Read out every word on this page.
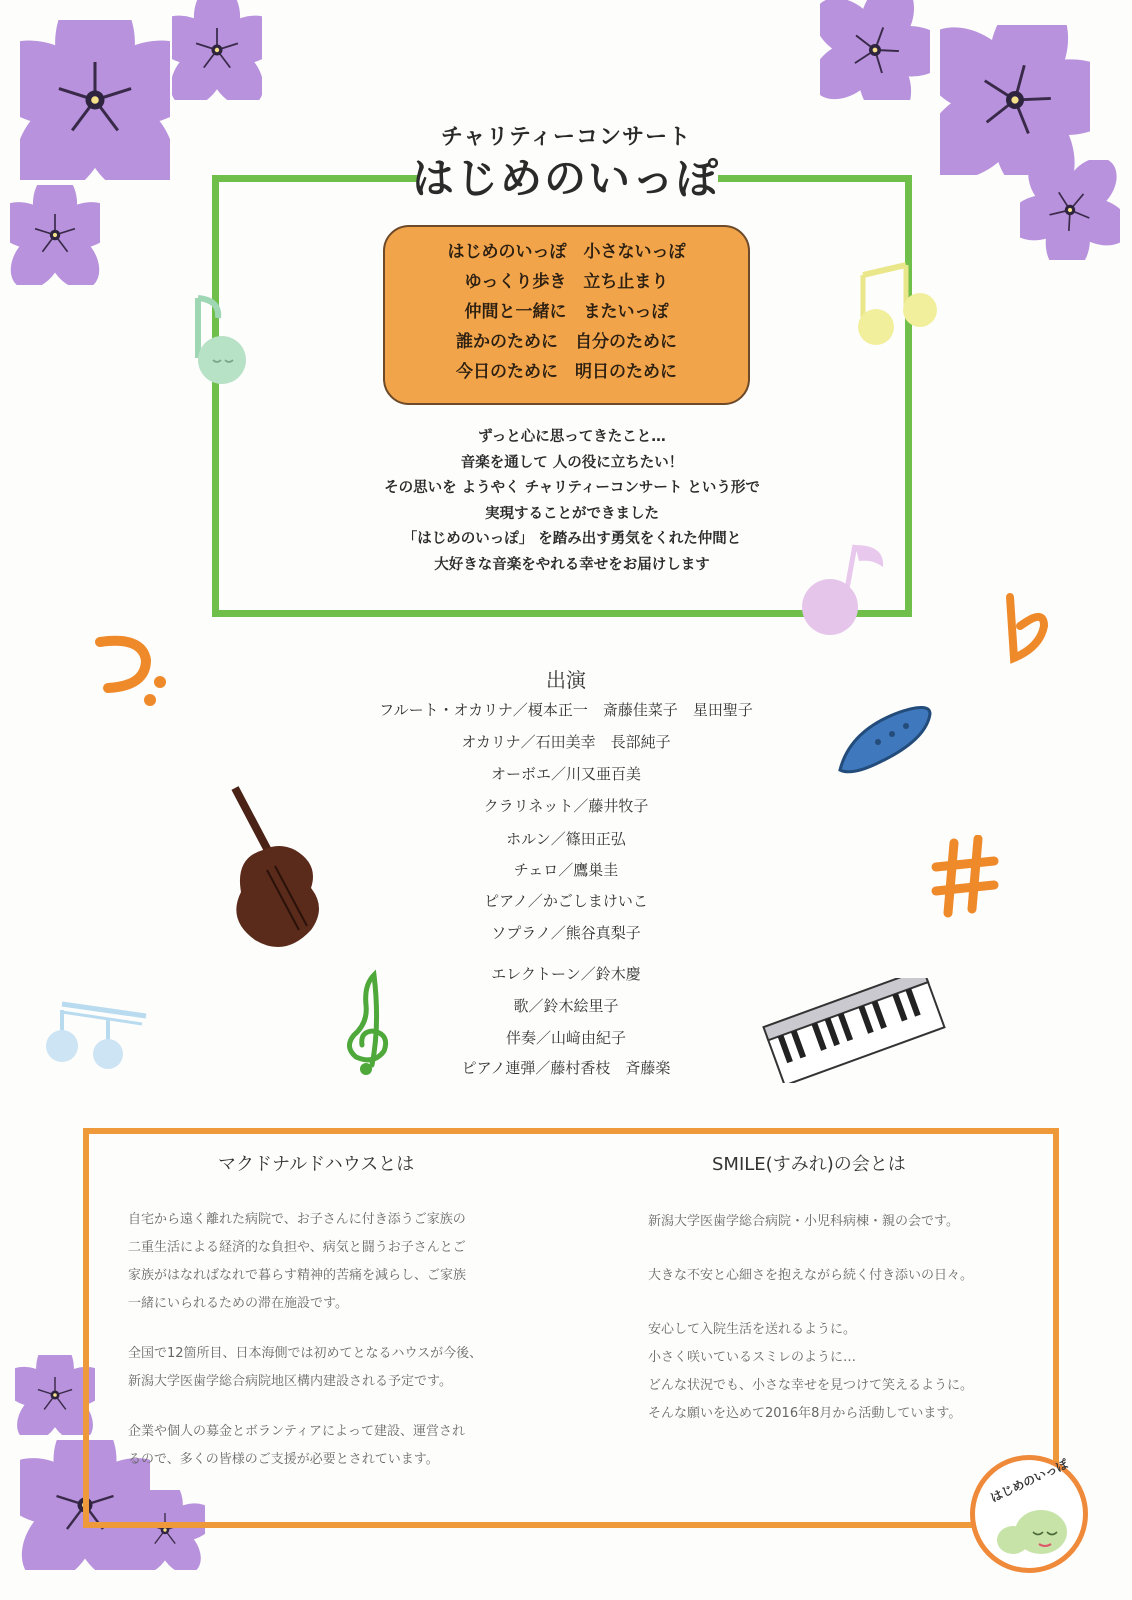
チャリティーコンサート
はじめのいっぽ
はじめのいっぽ　小さないっぽ
ゆっくり歩き　立ち止まり
仲間と一緒に　またいっぽ
誰かのために　自分のために
今日のために　明日のために
ずっと心に思ってきたこと…
音楽を通して 人の役に立ちたい！
その思いを ようやく チャリティーコンサート という形で
実現することができました
「はじめのいっぽ」 を踏み出す勇気をくれた仲間と
大好きな音楽をやれる幸せをお届けします
出演
フルート・オカリナ／榎本正一　斎藤佳菜子　星田聖子
オカリナ／石田美幸　長部純子
オーボエ／川又亜百美
クラリネット／藤井牧子
ホルン／篠田正弘
チェロ／鷹巣圭
ピアノ／かごしまけいこ
ソプラノ／熊谷真梨子
エレクトーン／鈴木慶
歌／鈴木絵里子
伴奏／山﨑由紀子
ピアノ連弾／藤村香枝　斉藤楽
マクドナルドハウスとは
自宅から遠く離れた病院で、お子さんに付き添うご家族の
二重生活による経済的な負担や、病気と闘うお子さんとご
家族がはなればなれで暮らす精神的苦痛を減らし、ご家族
一緒にいられるための滞在施設です。
全国で12箇所目、日本海側では初めてとなるハウスが今後、
新潟大学医歯学総合病院地区構内建設される予定です。
企業や個人の募金とボランティアによって建設、運営され
るので、多くの皆様のご支援が必要とされています。
SMILE(すみれ)の会とは
新潟大学医歯学総合病院・小児科病棟・親の会です。
大きな不安と心細さを抱えながら続く付き添いの日々。
安心して入院生活を送れるように。
小さく咲いているスミレのように…
どんな状況でも、小さな幸せを見つけて笑えるように。
そんな願いを込めて2016年8月から活動しています。
はじめのいっぽ
